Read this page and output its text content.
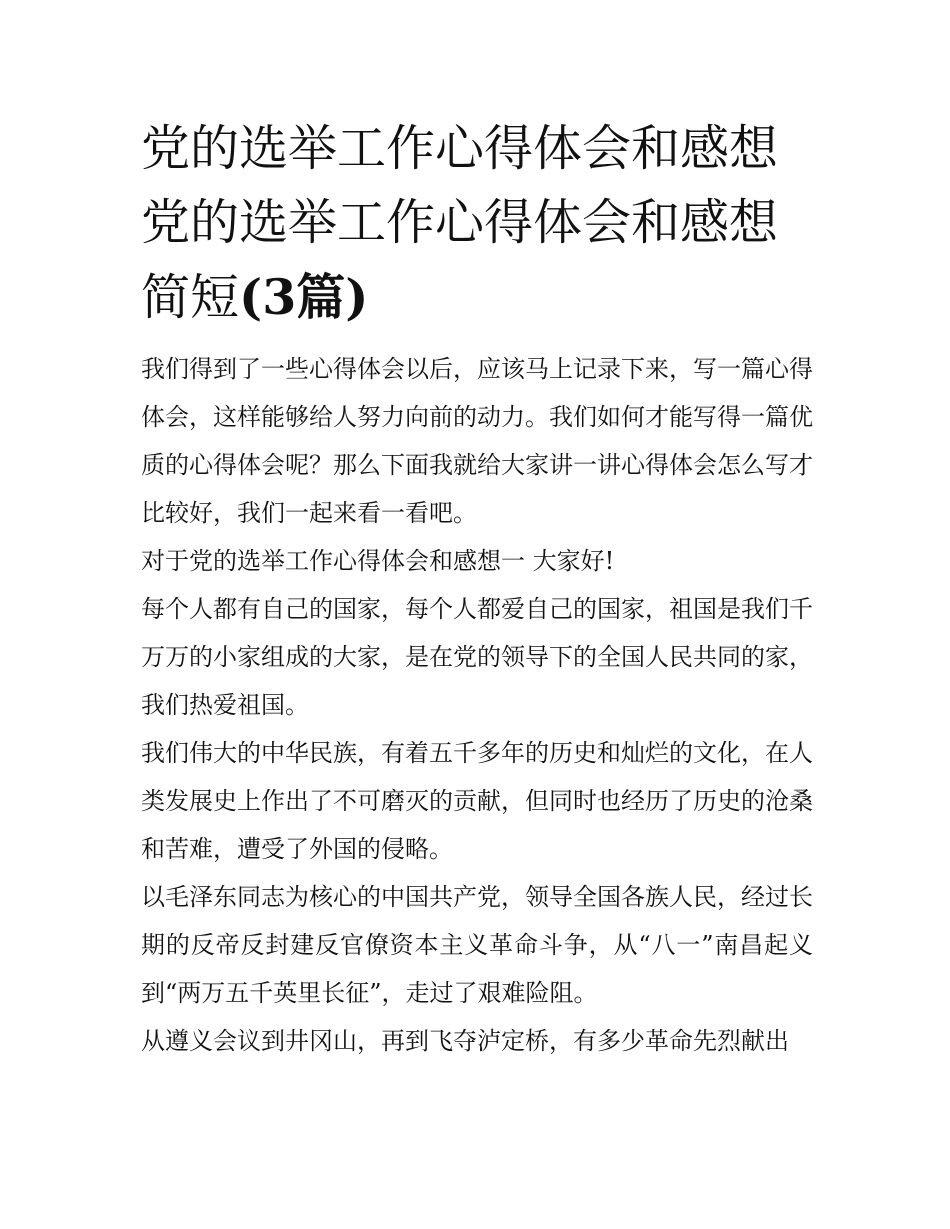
党的选举工作心得体会和感想
党的选举工作心得体会和感想
简短(3篇)

我们得到了一些心得体会以后，应该马上记录下来，写一篇心得体会，这样能够给人努力向前的动力。我们如何才能写得一篇优质的心得体会呢？那么下面我就给大家讲一讲心得体会怎么写才比较好，我们一起来看一看吧。

对于党的选举工作心得体会和感想一 大家好!

每个人都有自己的国家，每个人都爱自己的国家，祖国是我们千万万的小家组成的大家，是在党的领导下的全国人民共同的家，我们热爱祖国。

我们伟大的中华民族，有着五千多年的历史和灿烂的文化，在人类发展史上作出了不可磨灭的贡献，但同时也经历了历史的沧桑和苦难，遭受了外国的侵略。

以毛泽东同志为核心的中国共产党，领导全国各族人民，经过长期的反帝反封建反官僚资本主义革命斗争，从“八一”南昌起义到“两万五千英里长征”，走过了艰难险阻。

从遵义会议到井冈山，再到飞夺泸定桥，有多少革命先烈献出
